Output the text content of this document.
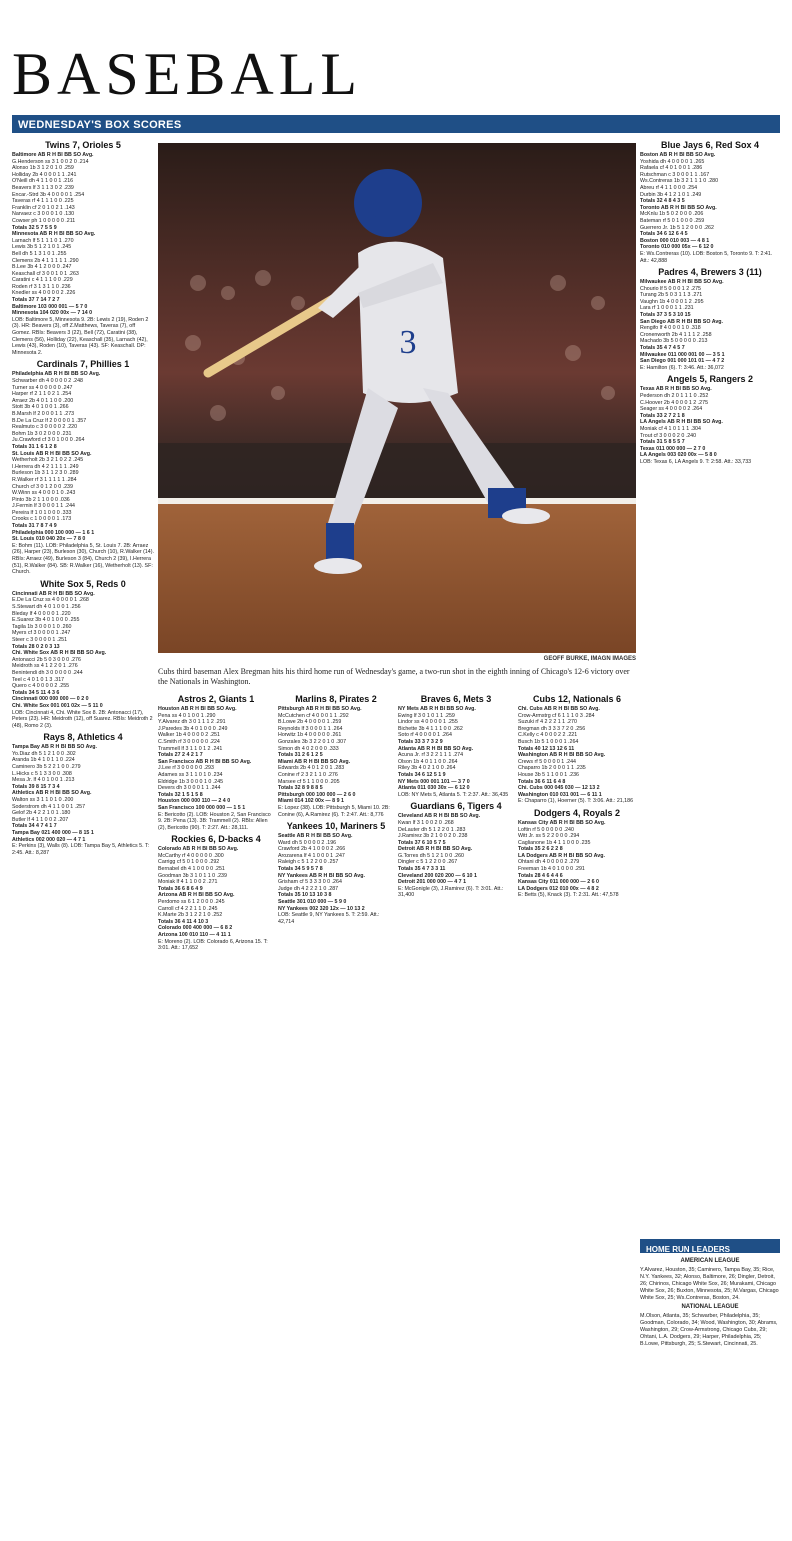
BASEBALL
WEDNESDAY'S BOX SCORES
Twins 7, Orioles 5
Baltimore AB R H BI BB SO Avg.
G.Henderson ss 3 1 0 0 2 0 .214
Alonso 1b 3 1 2 0 1 0 .259
Holliday 2b 4 0 0 0 1 1 .241
O'Neill dh 4 1 1 0 0 1 .216
Beavers lf 3 1 1 3 0 2 .239
Encar.-Strd 3b 4 0 0 0 0 1 .254
Taveras rf 4 1 1 1 0 0 .225
Franklin cf 2 0 1 0 2 1 .143
Narvaez c 3 0 0 0 1 0 .130
Cowser ph 1 0 0 0 0 0 .211
Totals 32 5 7 5 5 9
Minnesota AB R H BI BB SO Avg.
Larnach lf 5 1 1 1 0 1 .270
Lewis 3b 5 1 2 1 0 1 .245
Bell dh 5 1 3 1 0 1 .255
Clemens 2b 4 1 1 1 1 1 .290
B.Lee 3b 4 1 2 0 0 0 .247
Keaschall cf 3 0 0 1 0 1 .263
Caratini c 4 1 1 1 0 0 .229
Roden rf 3 1 3 1 1 0 .236
Knedler ss 4 0 0 0 0 2 .226
Totals 37 7 14 7 2 7
Baltimore 103 000 001 — 5 7 0
Minnesota 104 020 00x — 7 14 0
LOB: Baltimore 5, Minnesota 9. 2B: Lewis 2 (19), Roden 2 (3). HR: Beavers (3), off Z.Matthews, Taveras (7), off Gomez. RBIs: Beavers 3 (22), Bell (72), Caratini (38), Clemens (56), Holliday (22), Keaschall (35), Larnach (42), Lewis (43), Roden (10), Taveras (43). SF: Keaschall. DP: Minnesota 2.
Cardinals 7, Phillies 1
Philadelphia AB R H BI BB SO Avg.
Schwarber dh 4 0 0 0 0 2 .248
Turner ss 4 0 0 0 0 0 .247
Harper rf 2 1 1 0 2 1 .254
Arraez 2b 4 0 1 1 0 0 .200
Stott 3b 4 0 1 0 0 1 .266
B.Marsh lf 2 0 0 0 1 1 .273
B.De La Cruz lf 2 0 0 0 0 1 .357
Realmuto c 3 0 0 0 0 2 .220
Bohm 1b 3 0 2 0 0 0 .231
Ju.Crawford cf 3 0 1 0 0 0 .264
Totals 31 1 6 1 2 8
St. Louis AB R H BI BB SO Avg.
Wetherholt 2b 3 2 1 0 2 2 .245
I.Herrera dh 4 2 1 1 1 1 .249
Burleson 1b 3 1 1 2 3 0 .289
R.Walker rf 3 1 1 1 1 1 .284
Church cf 3 0 1 2 0 0 .239
W.Winn ss 4 0 0 0 1 0 .243
Pinto 3b 2 1 1 0 0 0 .036
J.Fermin lf 3 0 0 0 1 1 .244
Pereira lf 1 0 1 0 0 0 .333
Crooks c 1 0 0 0 0 1 .173
Totals 31 7 8 7 4 9
Philadelphia 000 100 000 — 1 6 1
St. Louis 010 040 20x — 7 8 0
E: Bohm (11). LOB: Philadelphia 5, St. Louis 7. 2B: Arraez (26), Harper (23), Burleson (30), Church (10), R.Walker (14). RBIs: Arraez (49), Burleson 3 (84), Church 2 (39), I.Herrera (51), R.Walker (84). SB: R.Walker (16), Wetherholt (13). SF: Church.
White Sox 5, Reds 0
Cincinnati AB R H BI BB SO Avg.
E.De La Cruz ss 4 0 0 0 0 1 .268
S.Stewart dh 4 0 1 0 0 1 .256
Bleday lf 4 0 0 0 0 1 .220
E.Suarez 3b 4 0 1 0 0 0 .255
Tagila 1b 3 0 0 0 1 0 .260
Myers cf 3 0 0 0 0 1 .247
Steer c 3 0 0 0 0 1 .251
Totals 28 0 2 0 3 13
Chi. White Sox AB R H BI BB SO Avg.
Antonacci 2b 5 0 3 0 0 0 .276
Meidroth ss 4 1 2 2 0 1 .276
Benintendi dh 3 0 0 0 0 0 .244
Teel c 4 0 1 0 1 3 .317
Quero c 4 0 0 0 0 2 .255
Totals 34 5 11 4 3 6
Cincinnati 000 000 000 — 0 2 0
Chi. White Sox 001 001 02x — 5 11 0
LOB: Cincinnati 4, Chi. White Sox 8. 2B: Antonacci (17), Peters (23). HR: Meidroth (12), off Suarez. RBIs: Meidroth 2 (48), Romo 2 (3).
Rays 8, Athletics 4
Tampa Bay AB R H BI BB SO Avg.
Yo.Diaz dh 5 1 2 1 0 0 .302
Aranda 1b 4 1 0 1 1 0 .224
Caminero 3b 5 2 2 1 0 0 .279
L.Hicks c 5 1 3 3 0 0 .308
Mesa Jr. lf 4 0 1 0 0 1 .213
Totals 39 8 15 7 3 4
Athletics AB R H BI BB SO Avg.
Walton ss 3 1 1 0 1 0 .200
Soderstrom dh 4 1 1 0 0 1 .257
Gelof 2b 4 2 2 1 0 1 .180
Butler lf 4 1 1 0 0 2 .207
Totals 34 4 7 4 1 7
Tampa Bay 021 400 000 — 8 15 1
Athletics 002 000 020 — 4 7 1
E: Perkins (3), Walls (8). LOB: Tampa Bay 5, Athletics 5. T: 2:45. Att.: 8,287
Astros 2, Giants 1
Houston AB R H BI BB SO Avg.
Pena ss 4 0 1 0 0 1 .290
Y.Alvarez dh 3 0 1 1 1 2 .291
J.Paredes 3b 4 0 1 0 0 0 .249
Walker 1b 4 0 0 0 0 2 .251
C.Smith rf 3 0 0 0 0 0 .224
Trammell lf 3 1 1 0 1 2 .241
Totals 27 2 4 2 1 7
San Francisco AB R H BI BB SO Avg.
J.Lee rf 3 0 0 0 0 0 .293
Adames ss 3 1 1 0 1 0 .234
Eldridge 1b 3 0 0 0 1 0 .245
Devers dh 3 0 0 0 1 1 .244
Totals 32 1 5 1 5 8
Houston 000 000 110 — 2 4 0
San Francisco 100 000 000 — 1 5 1
E: Bericotto (2). LOB: Houston 2, San Francisco 9. 2B: Pena (13). 3B: Trammell (2). RBIs: Allen (2), Bericotto (90). T: 2:27. Att.: 28,111.
Rockies 6, D-backs 4
Colorado AB R H BI BB SO Avg.
McCarthy rf 4 0 0 0 0 0 .300
Carrigg cf 5 0 1 0 0 0 .292
Bernabel dh 4 1 0 0 0 0 .251
Goodman 3b 3 1 0 1 1 0 .239
Moniak lf 4 1 1 0 0 2 .271
Totals 36 6 8 6 4 9
Arizona AB R H BI BB SO Avg.
Perdomo ss 6 1 2 0 0 0 .245
Carroll cf 4 2 2 1 1 0 .245
K.Marte 2b 3 1 2 2 1 0 .252
Totals 36 4 11 4 10 3
Colorado 000 400 000 — 6 8 2
Arizona 100 010 110 — 4 11 1
E: Moreno (2). LOB: Colorado 6, Arizona 15. T: 3:01. Att.: 17,652
Marlins 8, Pirates 2
Pittsburgh AB R H BI BB SO Avg.
McCutchen cf 4 0 0 0 1 1 .292
B.Lowe 2b 4 0 0 0 0 1 .259
Reynolds lf 3 0 0 0 1 1 .264
Horwitz 1b 4 0 0 0 0 0 .261
Gonzales 3b 3 2 2 0 1 0 .307
Simon dh 4 0 2 0 0 0 .333
Totals 31 2 6 1 2 5
Miami AB R H BI BB SO Avg.
Edwards 2b 4 0 1 2 0 1 .283
Conine rf 2 3 2 1 1 0 .276
Marsee cf 5 1 1 0 0 0 .205
Totals 32 8 9 8 8 5
Pittsburgh 000 100 000 — 2 6 0
Miami 014 102 00x — 8 9 1
E: Lopez (38). LOB: Pittsburgh 5, Miami 10. 2B: Conine (6), A.Ramirez (6). T: 2:47. Att.: 8,776
Yankees 10, Mariners 5
Seattle AB R H BI BB SO Avg.
Ward dh 5 0 0 0 0 2 .196
Crawford 2b 4 1 0 0 0 2 .266
Arozarena lf 4 1 0 0 0 1 .247
Raleigh c 5 1 2 2 0 0 .257
Totals 34 5 9 5 7 8
NY Yankees AB R H BI BB SO Avg.
Grisham cf 5 3 3 3 0 0 .264
Judge dh 4 2 2 2 1 0 .287
Totals 35 10 13 10 3 8
Seattle 301 010 000 — 5 9 0
NY Yankees 002 320 12x — 10 13 2
LOB: Seattle 9, NY Yankees 5. T: 2:59. Att.: 42,714
Braves 6, Mets 3
NY Mets AB R H BI BB SO Avg.
Ewing lf 3 0 1 0 1 1 .259
Lindor ss 4 0 0 0 0 1 .255
Bichette 3b 4 1 1 1 0 0 .262
Soto rf 4 0 0 0 0 1 .264
Totals 33 3 7 3 2 9
Atlanta AB R H BI BB SO Avg.
Acuna Jr. rf 3 2 2 1 1 1 .274
Olson 1b 4 0 1 1 0 0 .264
Riley 3b 4 0 2 1 0 0 .264
Totals 34 6 12 5 1 9
NY Mets 000 001 101 — 3 7 0
Atlanta 011 030 30x — 6 12 0
LOB: NY Mets 5, Atlanta 5. T: 2:37. Att.: 36,435
Guardians 6, Tigers 4
Cleveland AB R H BI BB SO Avg.
Kwan lf 3 1 0 0 2 0 .268
DeLauter dh 5 1 2 2 0 1 .283
J.Ramirez 3b 2 1 0 0 2 0 .238
Totals 37 6 10 5 7 5
Detroit AB R H BI BB SO Avg.
G.Torres dh 5 1 2 1 0 0 .260
Dingler c 5 1 2 2 0 0 .267
Totals 35 4 7 3 3 11
Cleveland 200 020 200 — 6 10 1
Detroit 201 000 000 — 4 7 1
E: McGonigle (3), J.Ramirez (6). T: 3:01. Att.: 31,400
Cubs 12, Nationals 6
Chi. Cubs AB R H BI BB SO Avg.
Crow-Armstrg cf 6 1 1 1 0 3 .284
Suzuki rf 4 2 2 2 1 1 .270
Bregman dh 3 3 3 7 2 0 .256
C.Kelly c 4 0 0 0 2 2 .221
Busch 1b 5 1 0 0 0 1 .264
Totals 40 12 13 12 6 11
Washington AB R H BI BB SO Avg.
Crews rf 5 0 0 0 0 1 .244
Chaparro 1b 2 0 0 0 1 1 .235
House 3b 5 1 1 0 0 1 .236
Totals 36 6 11 6 4 8
Chi. Cubs 000 045 030 — 12 13 2
Washington 010 031 001 — 6 11 1
E: Chaparro (1), Hoerner (5). T: 3:06. Att.: 21,186
Dodgers 4, Royals 2
Kansas City AB R H BI BB SO Avg.
Loftin rf 5 0 0 0 0 0 .240
Witt Jr. ss 5 2 2 0 0 0 .294
Caglianone 1b 4 1 1 0 0 0 .235
Totals 35 2 6 2 2 8
LA Dodgers AB R H BI BB SO Avg.
Ohtani dh 4 0 0 0 0 2 .279
Freeman 1b 4 0 1 0 0 0 .291
Totals 28 4 6 4 4 6
Kansas City 011 000 000 — 2 6 0
LA Dodgers 012 010 00x — 4 8 2
E: Betts (5), Knack (3). T: 2:31. Att.: 47,578
Blue Jays 6, Red Sox 4
Boston AB R H BI BB SO Avg.
Yoshida dh 4 0 0 0 0 1 .265
Rafaela cf 4 0 1 0 0 1 .286
Rutschman c 3 0 0 0 1 1 .167
Ws.Contreras 1b 3 2 1 1 1 0 .280
Abreu rf 4 1 1 0 0 0 .254
Durbin 3b 4 1 2 1 0 1 .249
Totals 32 4 8 4 3 5
Toronto AB R H BI BB SO Avg.
McKnlu 1b 5 0 2 0 0 0 .206
Bateman rf 5 0 1 0 0 0 .259
Guerrero Jr. 1b 5 1 2 0 0 0 .262
Totals 34 6 12 6 4 5
Boston 000 010 003 — 4 8 1
Toronto 010 000 05x — 6 12 0
E: Ws.Contreras (10). LOB: Boston 5, Toronto 9. T: 2:41. Att.: 42,888
Padres 4, Brewers 3 (11)
Milwaukee AB R H BI BB SO Avg.
Chourio lf 5 0 0 0 1 2 .275
Turang 2b 5 0 3 1 1 3 .271
Vaughn 1b 4 0 0 0 1 2 .295
Lara rf 1 0 0 0 1 1 .231
Totals 37 3 5 3 10 15
San Diego AB R H BI BB SO Avg.
Rengifo lf 4 0 0 0 1 0 .318
Cronenworth 2b 4 1 1 1 2 .258
Machado 3b 5 0 0 0 0 0 .213
Totals 35 4 7 4 5 7
Milwaukee 011 000 001 00 — 3 5 1
San Diego 001 000 101 01 — 4 7 2
E: Hamilton (6). T: 3:46. Att.: 36,072
Angels 5, Rangers 2
Texas AB R H BI BB SO Avg.
Pederson dh 2 0 1 1 1 0 .252
C.Hoover 2b 4 0 0 0 1 2 .275
Seager ss 4 0 0 0 0 2 .264
Totals 33 2 7 2 1 8
LA Angels AB R H BI BB SO Avg.
Moniak cf 4 1 0 1 1 1 .304
Trout cf 3 0 0 0 2 0 .240
Totals 31 5 8 5 5 7
Texas 011 000 000 — 2 7 0
LA Angels 003 020 00x — 5 8 0
LOB: Texas 6, LA Angels 9. T: 2:58. Att.: 33,733
3
GEOFF BURKE, IMAGN IMAGES
Cubs third baseman Alex Bregman hits his third home run of Wednesday's game, a two-run shot in the eighth inning of Chicago's 12-6 victory over the Nationals in Washington.
HOME RUN LEADERS
AMERICAN LEAGUE
Y.Alvarez, Houston, 35; Caminero, Tampa Bay, 35; Rice, N.Y. Yankees, 32; Alonso, Baltimore, 26; Dingler, Detroit, 26; Chirinos, Chicago White Sox, 26; Murakami, Chicago White Sox, 26; Buxton, Minnesota, 25; M.Vargas, Chicago White Sox, 25; Ws.Contreras, Boston, 24.
NATIONAL LEAGUE
M.Olson, Atlanta, 35; Schwarber, Philadelphia, 35; Goodman, Colorado, 34; Wood, Washington, 30; Abrams, Washington, 29; Crow-Armstrong, Chicago Cubs, 29; Ohtani, L.A. Dodgers, 29; Harper, Philadelphia, 25; B.Lowe, Pittsburgh, 25; S.Stewart, Cincinnati, 25.
